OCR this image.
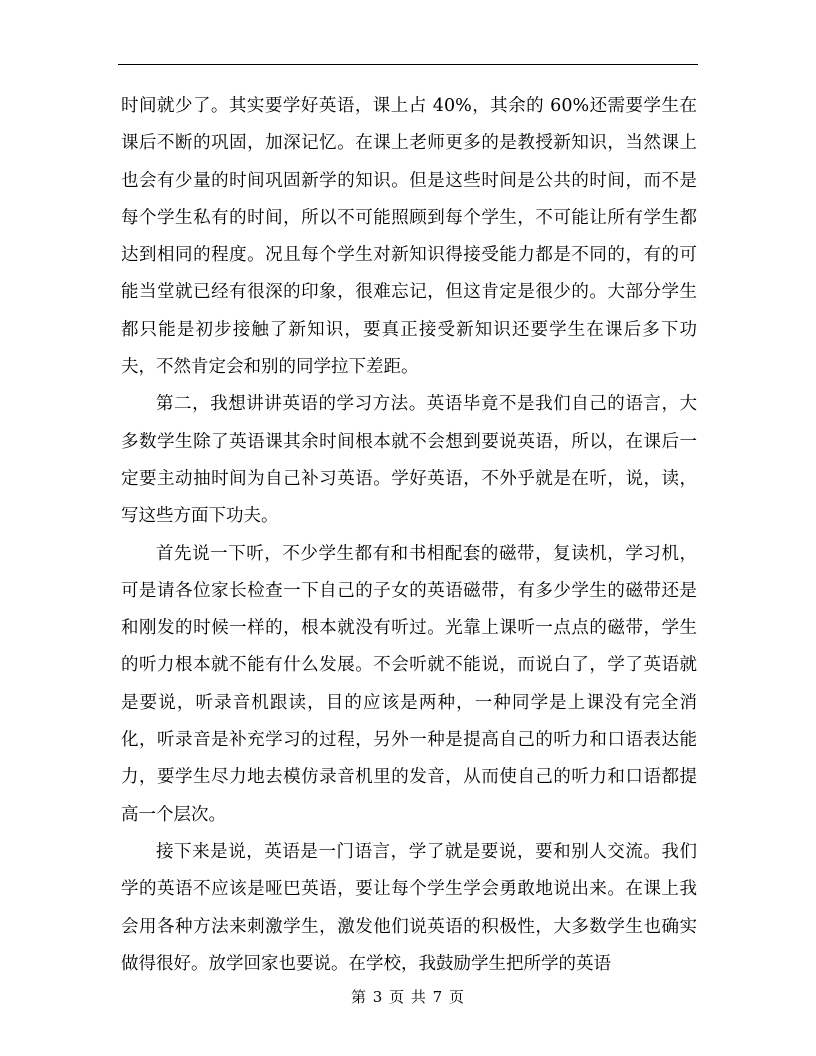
时间就少了。其实要学好英语，课上占 40%，其余的 60%还需要学生在课后不断的巩固，加深记忆。在课上老师更多的是教授新知识，当然课上也会有少量的时间巩固新学的知识。但是这些时间是公共的时间，而不是每个学生私有的时间，所以不可能照顾到每个学生，不可能让所有学生都达到相同的程度。况且每个学生对新知识得接受能力都是不同的，有的可能当堂就已经有很深的印象，很难忘记，但这肯定是很少的。大部分学生都只能是初步接触了新知识，要真正接受新知识还要学生在课后多下功夫，不然肯定会和别的同学拉下差距。

第二，我想讲讲英语的学习方法。英语毕竟不是我们自己的语言，大多数学生除了英语课其余时间根本就不会想到要说英语，所以，在课后一定要主动抽时间为自己补习英语。学好英语，不外乎就是在听，说，读，写这些方面下功夫。

首先说一下听，不少学生都有和书相配套的磁带，复读机，学习机，可是请各位家长检查一下自己的子女的英语磁带，有多少学生的磁带还是和刚发的时候一样的，根本就没有听过。光靠上课听一点点的磁带，学生的听力根本就不能有什么发展。不会听就不能说，而说白了，学了英语就是要说，听录音机跟读，目的应该是两种，一种同学是上课没有完全消化，听录音是补充学习的过程，另外一种是提高自己的听力和口语表达能力，要学生尽力地去模仿录音机里的发音，从而使自己的听力和口语都提高一个层次。

接下来是说，英语是一门语言，学了就是要说，要和别人交流。我们学的英语不应该是哑巴英语，要让每个学生学会勇敢地说出来。在课上我会用各种方法来刺激学生，激发他们说英语的积极性，大多数学生也确实做得很好。放学回家也要说。在学校，我鼓励学生把所学的英语

第 3 页 共 7 页
